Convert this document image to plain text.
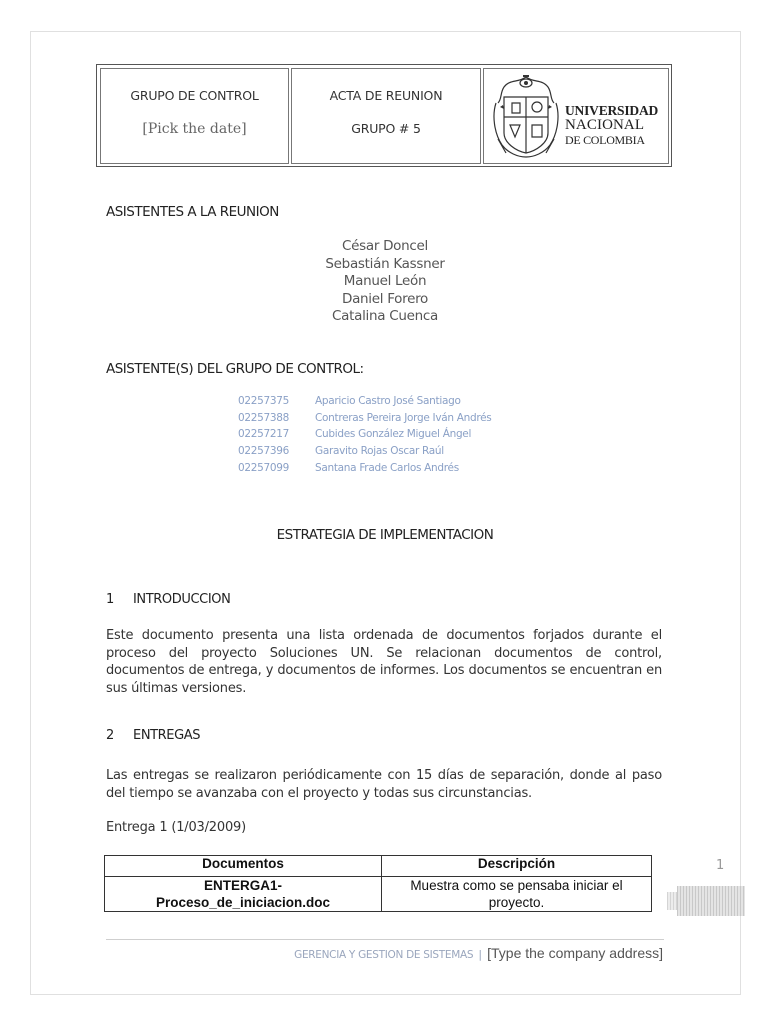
GRUPO DE CONTROL
[Pick the date]
ACTA DE REUNION
GRUPO # 5
UNIVERSIDAD
NACIONAL
DE COLOMBIA
ASISTENTES A LA REUNION
César Doncel
Sebastián Kassner
Manuel León
Daniel Forero
Catalina Cuenca
ASISTENTE(S) DEL GRUPO DE CONTROL:
02257375	Aparicio Castro José Santiago
02257388	Contreras Pereira Jorge Iván Andrés
02257217	Cubides González Miguel Ángel
02257396	Garavito Rojas Oscar Raúl
02257099	Santana Frade Carlos Andrés
ESTRATEGIA DE IMPLEMENTACION
1 INTRODUCCION
Este documento presenta una lista ordenada de documentos forjados durante el proceso del proyecto Soluciones UN. Se relacionan documentos de control, documentos de entrega, y documentos de informes. Los documentos se encuentran en sus últimas versiones.
2 ENTREGAS
Las entregas se realizaron periódicamente con 15 días de separación, donde al paso del tiempo se avanzaba con el proyecto y todas sus circunstancias.
Entrega 1 (1/03/2009)
Documentos	Descripción

ENTERGA1-
Proceso_de_iniciacion.doc	Muestra como se pensaba iniciar el proyecto.
1
GERENCIA Y GESTION DE SISTEMAS | [Type the company address]
